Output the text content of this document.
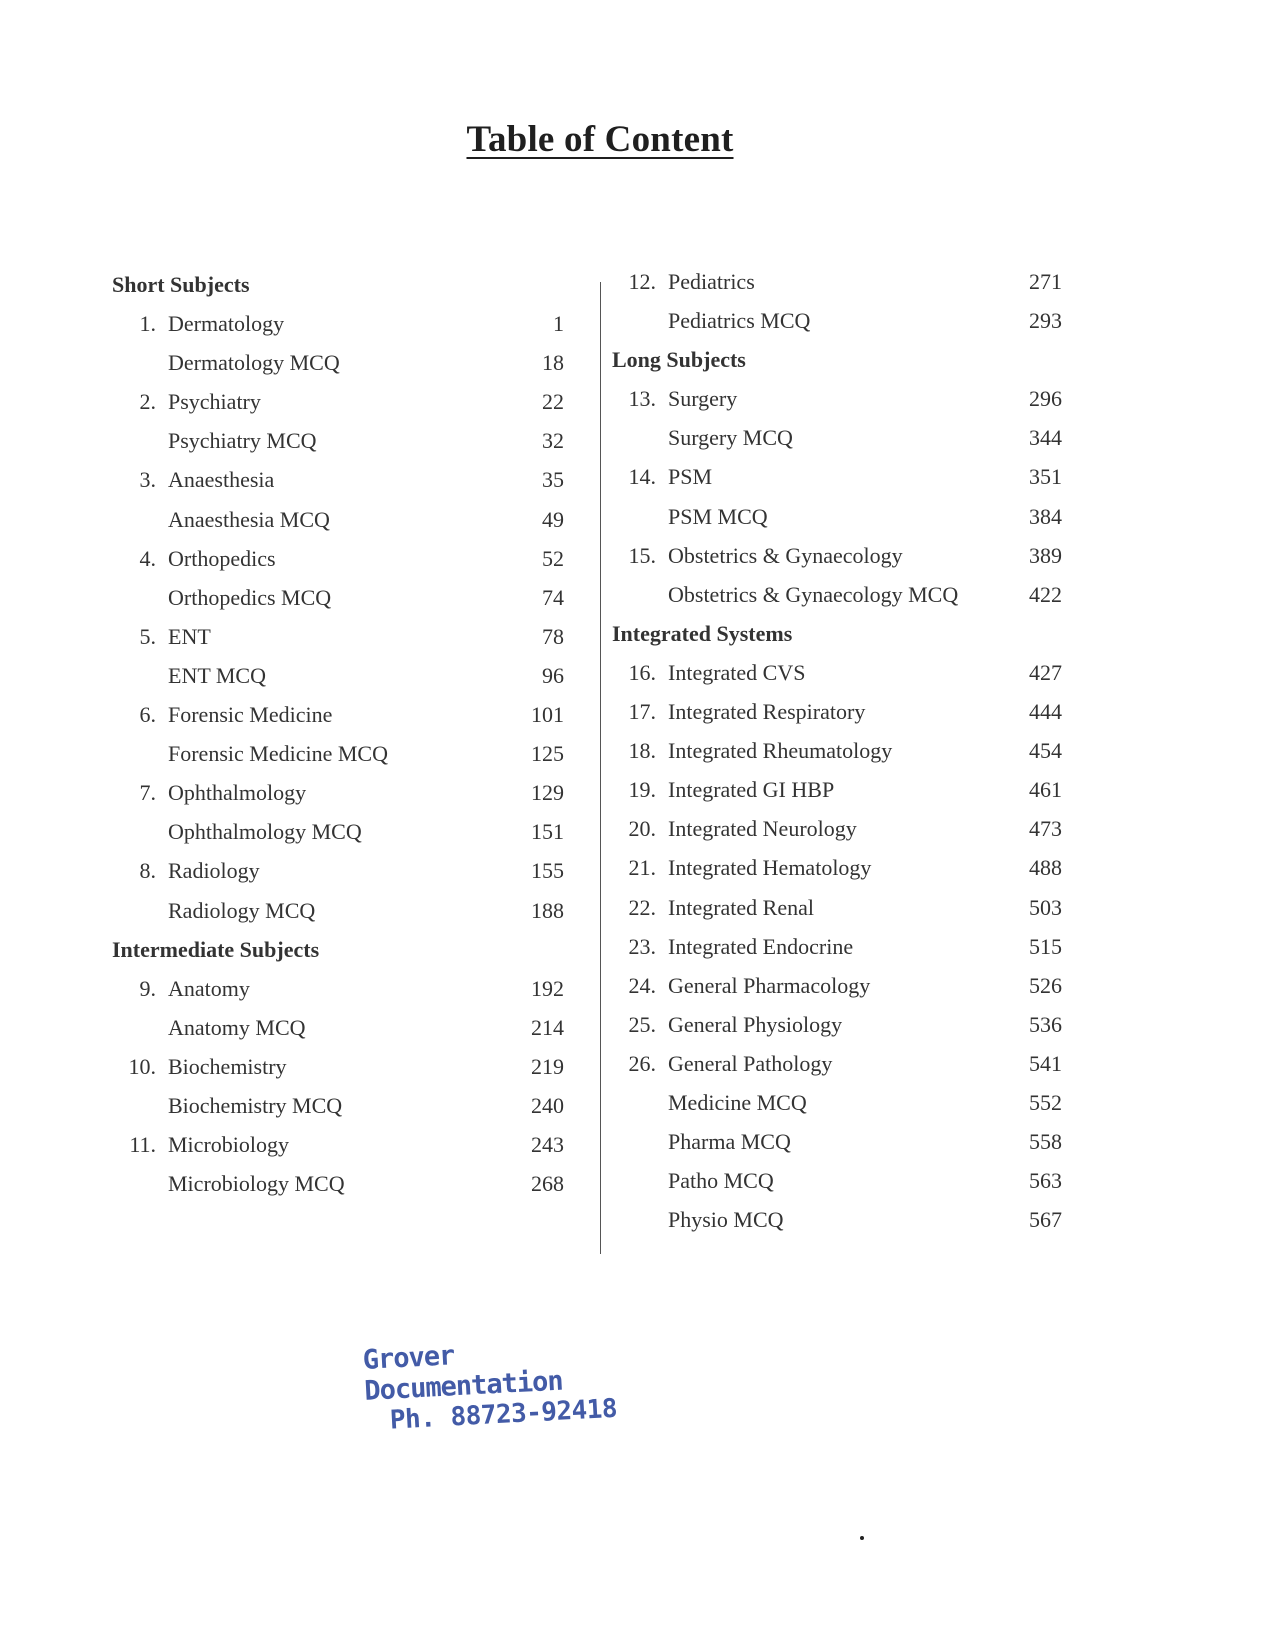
Table of Content
Short Subjects
1. Dermatology	1
Dermatology MCQ	18
2. Psychiatry	22
Psychiatry MCQ	32
3. Anaesthesia	35
Anaesthesia MCQ	49
4. Orthopedics	52
Orthopedics MCQ	74
5. ENT	78
ENT MCQ	96
6. Forensic Medicine	101
Forensic Medicine MCQ	125
7. Ophthalmology	129
Ophthalmology MCQ	151
8. Radiology	155
Radiology MCQ	188
Intermediate Subjects
9. Anatomy	192
Anatomy MCQ	214
10. Biochemistry	219
Biochemistry MCQ	240
11. Microbiology	243
Microbiology MCQ	268
12. Pediatrics	271
Pediatrics MCQ	293
Long Subjects
13. Surgery	296
Surgery MCQ	344
14. PSM	351
PSM MCQ	384
15. Obstetrics & Gynaecology	389
Obstetrics & Gynaecology MCQ	422
Integrated Systems
16. Integrated CVS	427
17. Integrated Respiratory	444
18. Integrated Rheumatology	454
19. Integrated GI HBP	461
20. Integrated Neurology	473
21. Integrated Hematology	488
22. Integrated Renal	503
23. Integrated Endocrine	515
24. General Pharmacology	526
25. General Physiology	536
26. General Pathology	541
Medicine MCQ	552
Pharma MCQ	558
Patho MCQ	563
Physio MCQ	567
Grover Documentation
Ph. 88723-92418
